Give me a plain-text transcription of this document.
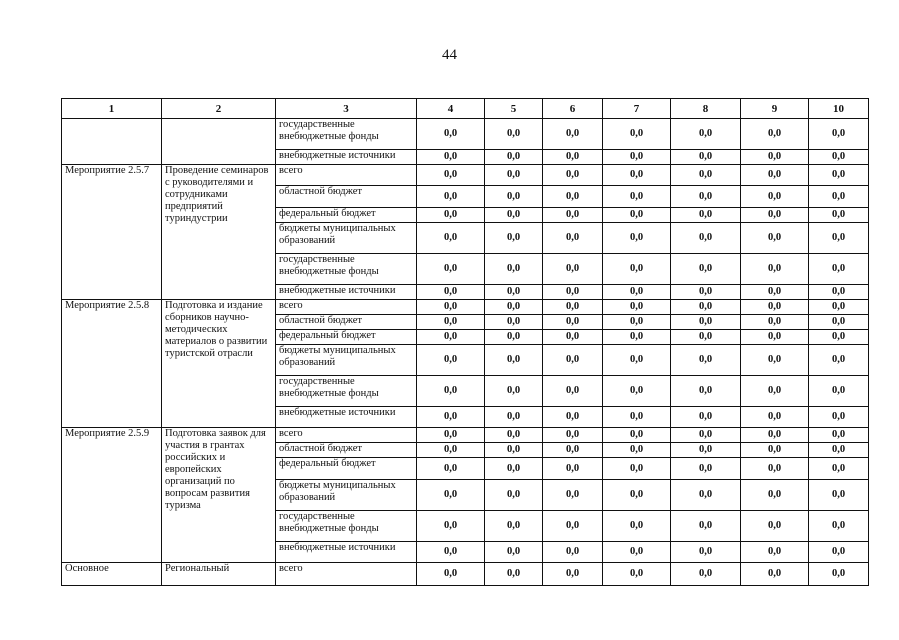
44
1	2	3	4	5	6	7	8	9	10
		государственные внебюджетные фонды	0,0	0,0	0,0	0,0	0,0	0,0	0,0
		внебюджетные источники	0,0	0,0	0,0	0,0	0,0	0,0	0,0
Мероприятие 2.5.7	Проведение семинаров с руководителями и сотрудниками предприятий туриндустрии	всего	0,0	0,0	0,0	0,0	0,0	0,0	0,0
		областной бюджет	0,0	0,0	0,0	0,0	0,0	0,0	0,0
		федеральный бюджет	0,0	0,0	0,0	0,0	0,0	0,0	0,0
		бюджеты муниципальных образований	0,0	0,0	0,0	0,0	0,0	0,0	0,0
		государственные внебюджетные фонды	0,0	0,0	0,0	0,0	0,0	0,0	0,0
		внебюджетные источники	0,0	0,0	0,0	0,0	0,0	0,0	0,0
Мероприятие 2.5.8	Подготовка и издание сборников научно-методических материалов о развитии туристской отрасли	всего	0,0	0,0	0,0	0,0	0,0	0,0	0,0
		областной бюджет	0,0	0,0	0,0	0,0	0,0	0,0	0,0
		федеральный бюджет	0,0	0,0	0,0	0,0	0,0	0,0	0,0
		бюджеты муниципальных образований	0,0	0,0	0,0	0,0	0,0	0,0	0,0
		государственные внебюджетные фонды	0,0	0,0	0,0	0,0	0,0	0,0	0,0
		внебюджетные источники	0,0	0,0	0,0	0,0	0,0	0,0	0,0
Мероприятие 2.5.9	Подготовка заявок для участия в грантах российских и европейских организаций по вопросам развития туризма	всего	0,0	0,0	0,0	0,0	0,0	0,0	0,0
		областной бюджет	0,0	0,0	0,0	0,0	0,0	0,0	0,0
		федеральный бюджет	0,0	0,0	0,0	0,0	0,0	0,0	0,0
		бюджеты муниципальных образований	0,0	0,0	0,0	0,0	0,0	0,0	0,0
		государственные внебюджетные фонды	0,0	0,0	0,0	0,0	0,0	0,0	0,0
		внебюджетные источники	0,0	0,0	0,0	0,0	0,0	0,0	0,0
Основное	Региональный	всего	0,0	0,0	0,0	0,0	0,0	0,0	0,0
